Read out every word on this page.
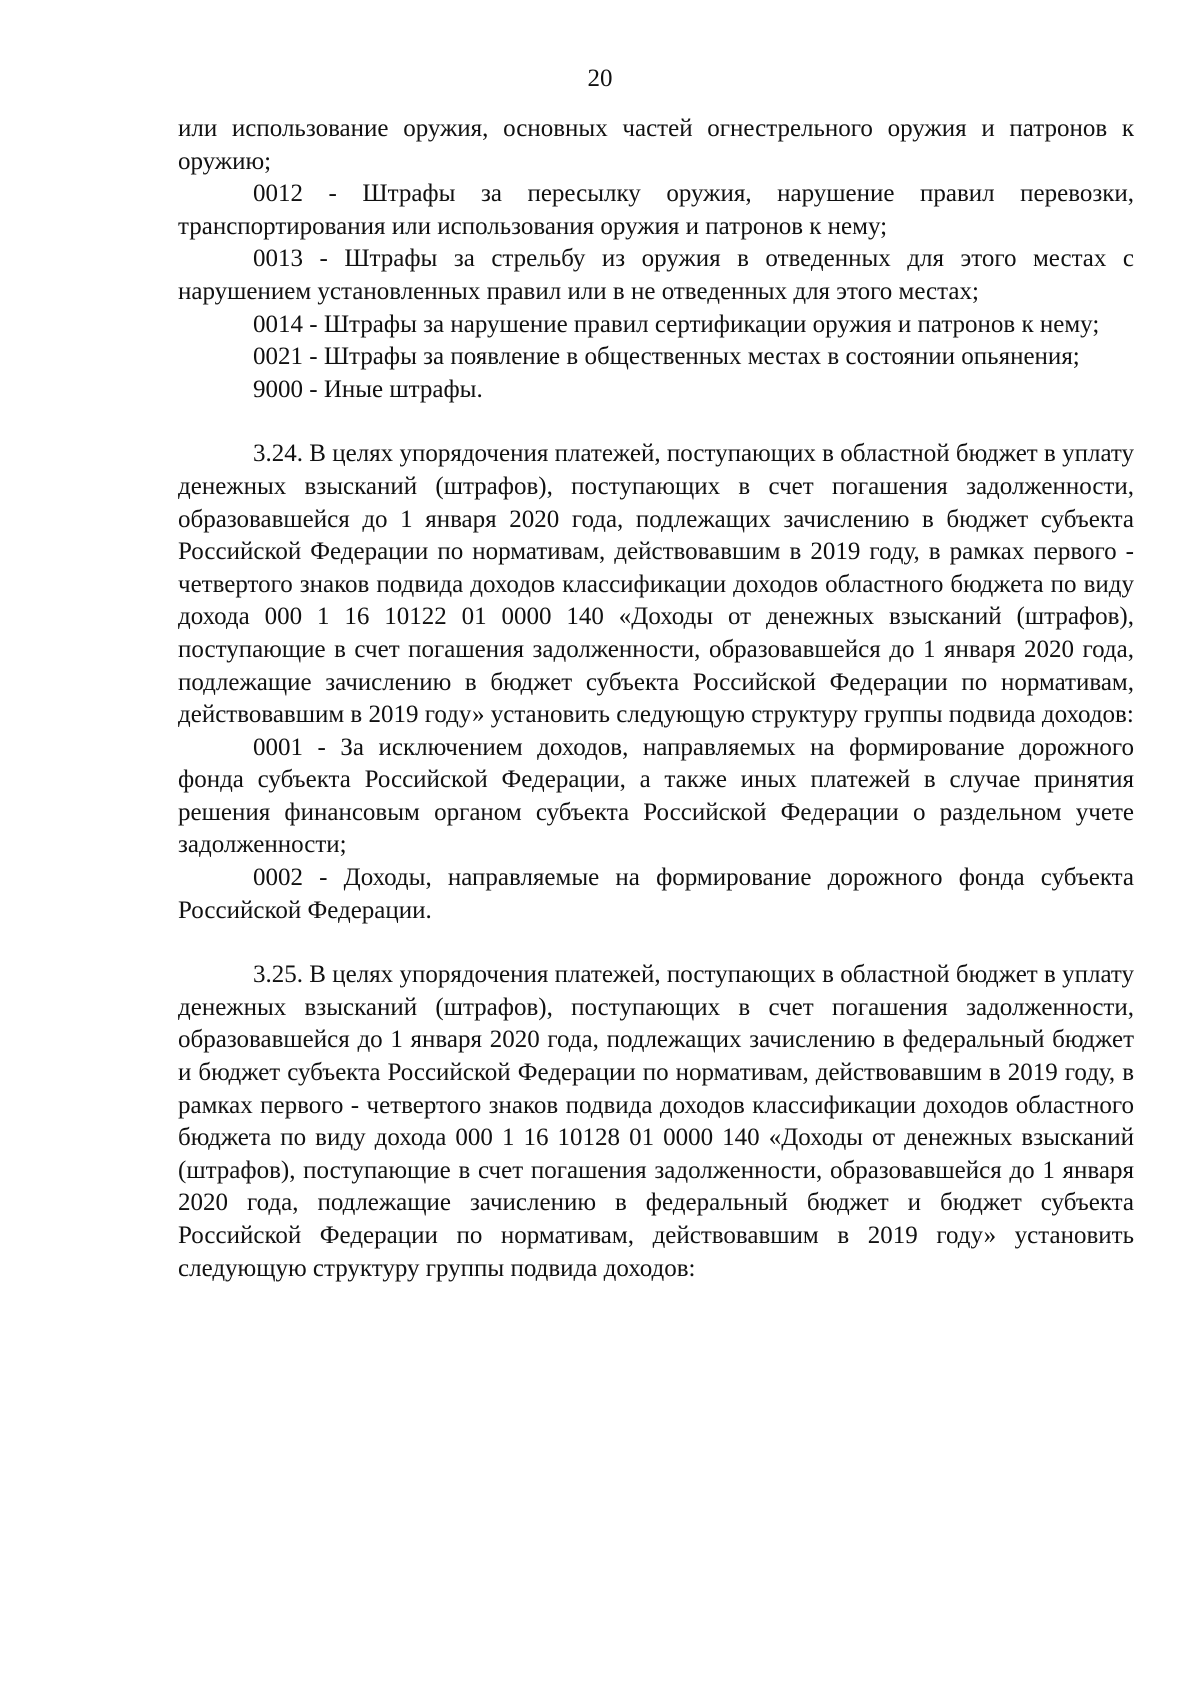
20

или использование оружия, основных частей огнестрельного оружия и патронов к оружию;

0012 - Штрафы за пересылку оружия, нарушение правил перевозки, транспортирования или использования оружия и патронов к нему;

0013 - Штрафы за стрельбу из оружия в отведенных для этого местах с нарушением установленных правил или в не отведенных для этого местах;

0014 - Штрафы за нарушение правил сертификации оружия и патронов к нему;

0021 - Штрафы за появление в общественных местах в состоянии опьянения;

9000 - Иные штрафы.

3.24. В целях упорядочения платежей, поступающих в областной бюджет в уплату денежных взысканий (штрафов), поступающих в счет погашения задолженности, образовавшейся до 1 января 2020 года, подлежащих зачислению в бюджет субъекта Российской Федерации по нормативам, действовавшим в 2019 году, в рамках первого - четвертого знаков подвида доходов классификации доходов областного бюджета по виду дохода 000 1 16 10122 01 0000 140 «Доходы от денежных взысканий (штрафов), поступающие в счет погашения задолженности, образовавшейся до 1 января 2020 года, подлежащие зачислению в бюджет субъекта Российской Федерации по нормативам, действовавшим в 2019 году» установить следующую структуру группы подвида доходов:

0001 - За исключением доходов, направляемых на формирование дорожного фонда субъекта Российской Федерации, а также иных платежей в случае принятия решения финансовым органом субъекта Российской Федерации о раздельном учете задолженности;

0002 - Доходы, направляемые на формирование дорожного фонда субъекта Российской Федерации.

3.25. В целях упорядочения платежей, поступающих в областной бюджет в уплату денежных взысканий (штрафов), поступающих в счет погашения задолженности, образовавшейся до 1 января 2020 года, подлежащих зачислению в федеральный бюджет и бюджет субъекта Российской Федерации по нормативам, действовавшим в 2019 году, в рамках первого - четвертого знаков подвида доходов классификации доходов областного бюджета по виду дохода 000 1 16 10128 01 0000 140 «Доходы от денежных взысканий (штрафов), поступающие в счет погашения задолженности, образовавшейся до 1 января 2020 года, подлежащие зачислению в федеральный бюджет и бюджет субъекта Российской Федерации по нормативам, действовавшим в 2019 году» установить следующую структуру группы подвида доходов:
